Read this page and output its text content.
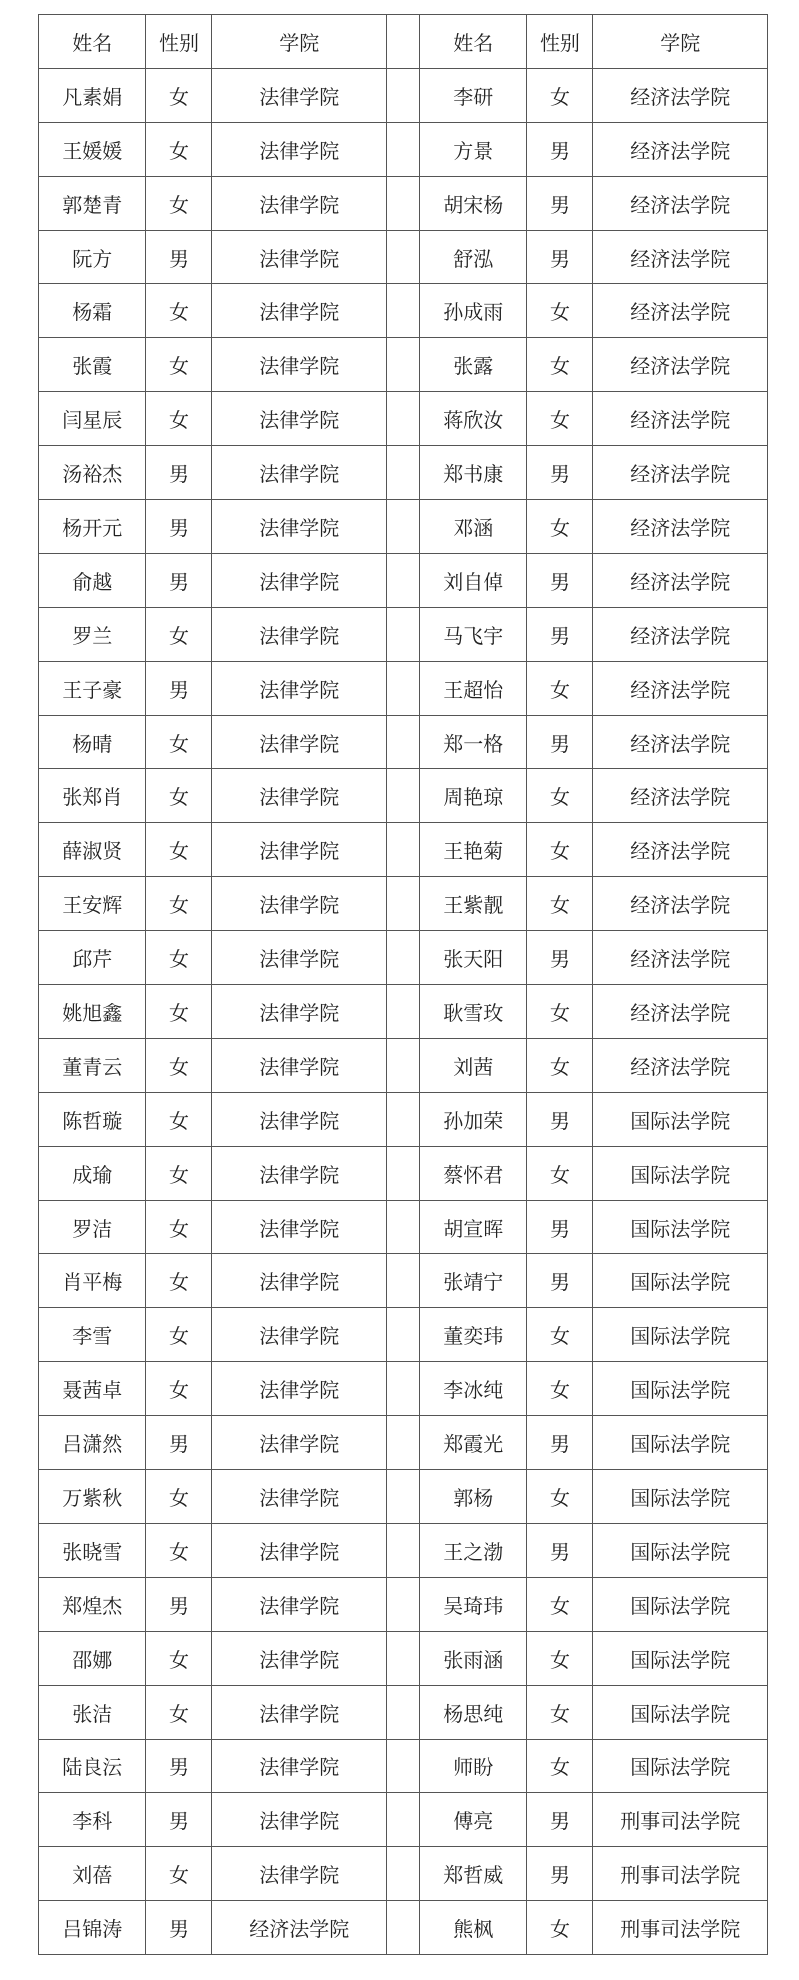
姓名	性别	学院		姓名	性别	学院
凡素娟	女	法律学院		李研	女	经济法学院
王媛媛	女	法律学院		方景	男	经济法学院
郭楚青	女	法律学院		胡宋杨	男	经济法学院
阮方	男	法律学院		舒泓	男	经济法学院
杨霜	女	法律学院		孙成雨	女	经济法学院
张霞	女	法律学院		张露	女	经济法学院
闫星辰	女	法律学院		蒋欣汝	女	经济法学院
汤裕杰	男	法律学院		郑书康	男	经济法学院
杨开元	男	法律学院		邓涵	女	经济法学院
俞越	男	法律学院		刘自倬	男	经济法学院
罗兰	女	法律学院		马飞宇	男	经济法学院
王子豪	男	法律学院		王超怡	女	经济法学院
杨晴	女	法律学院		郑一格	男	经济法学院
张郑肖	女	法律学院		周艳琼	女	经济法学院
薛淑贤	女	法律学院		王艳菊	女	经济法学院
王安辉	女	法律学院		王紫靓	女	经济法学院
邱芹	女	法律学院		张天阳	男	经济法学院
姚旭鑫	女	法律学院		耿雪玫	女	经济法学院
董青云	女	法律学院		刘茜	女	经济法学院
陈哲璇	女	法律学院		孙加荣	男	国际法学院
成瑜	女	法律学院		蔡怀君	女	国际法学院
罗洁	女	法律学院		胡宣晖	男	国际法学院
肖平梅	女	法律学院		张靖宁	男	国际法学院
李雪	女	法律学院		董奕玮	女	国际法学院
聂茜卓	女	法律学院		李冰纯	女	国际法学院
吕潇然	男	法律学院		郑霞光	男	国际法学院
万紫秋	女	法律学院		郭杨	女	国际法学院
张晓雪	女	法律学院		王之渤	男	国际法学院
郑煌杰	男	法律学院		吴琦玮	女	国际法学院
邵娜	女	法律学院		张雨涵	女	国际法学院
张洁	女	法律学院		杨思纯	女	国际法学院
陆良沄	男	法律学院		师盼	女	国际法学院
李科	男	法律学院		傅亮	男	刑事司法学院
刘蓓	女	法律学院		郑哲威	男	刑事司法学院
吕锦涛	男	经济法学院		熊枫	女	刑事司法学院
